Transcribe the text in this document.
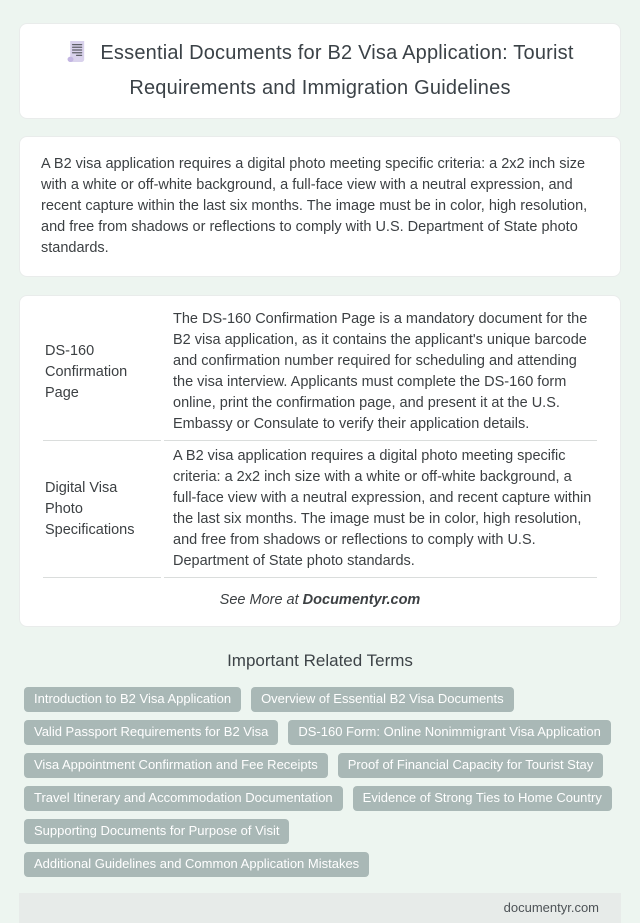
Essential Documents for B2 Visa Application: Tourist Requirements and Immigration Guidelines

A B2 visa application requires a digital photo meeting specific criteria: a 2x2 inch size with a white or off-white background, a full-face view with a neutral expression, and recent capture within the last six months. The image must be in color, high resolution, and free from shadows or reflections to comply with U.S. Department of State photo standards.

DS-160 Confirmation Page	The DS-160 Confirmation Page is a mandatory document for the B2 visa application, as it contains the applicant's unique barcode and confirmation number required for scheduling and attending the visa interview. Applicants must complete the DS-160 form online, print the confirmation page, and present it at the U.S. Embassy or Consulate to verify their application details.
Digital Visa Photo Specifications	A B2 visa application requires a digital photo meeting specific criteria: a 2x2 inch size with a white or off-white background, a full-face view with a neutral expression, and recent capture within the last six months. The image must be in color, high resolution, and free from shadows or reflections to comply with U.S. Department of State photo standards.

See More at Documentyr.com

Important Related Terms
Introduction to B2 Visa Application	Overview of Essential B2 Visa Documents
Valid Passport Requirements for B2 Visa	DS-160 Form: Online Nonimmigrant Visa Application
Visa Appointment Confirmation and Fee Receipts	Proof of Financial Capacity for Tourist Stay
Travel Itinerary and Accommodation Documentation	Evidence of Strong Ties to Home Country
Supporting Documents for Purpose of Visit
Additional Guidelines and Common Application Mistakes
documentyr.com
